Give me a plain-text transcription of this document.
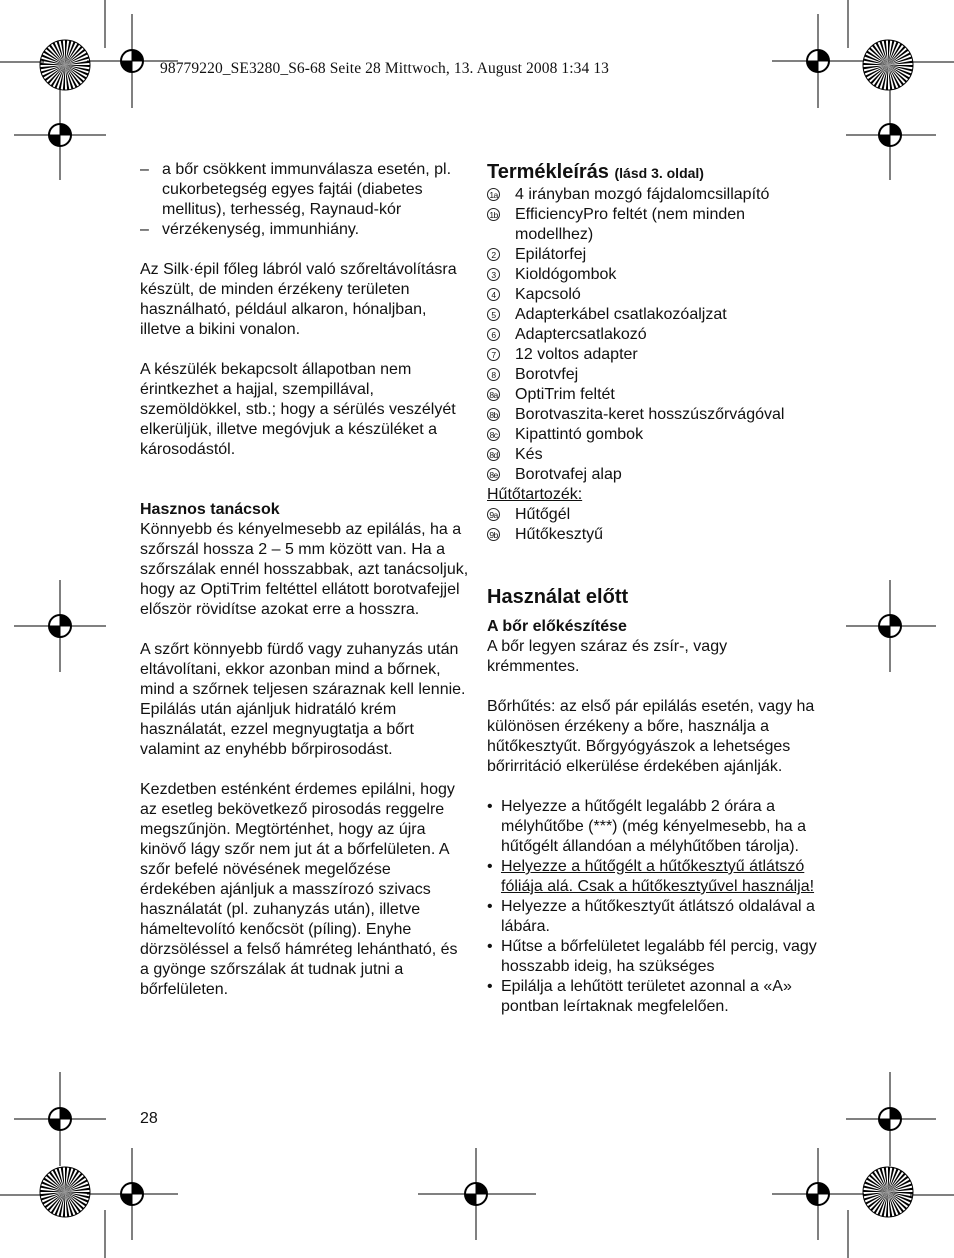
98779220_SE3280_S6-68 Seite 28 Mittwoch, 13. August 2008 1:34 13
– a bőr csökkent immunválasza esetén, pl. cukorbetegség egyes fajtái (diabetes mellitus), terhesség, Raynaud-kór
– vérzékenység, immunhiány.

Az Silk·épil főleg lábról való szőreltávolításra készült, de minden érzékeny területen használható, például alkaron, hónaljban, illetve a bikini vonalon.

A készülék bekapcsolt állapotban nem érintkezhet a hajjal, szempillával, szemöldökkel, stb.; hogy a sérülés veszélyét elkerüljük, illetve megóvjuk a készüléket a károsodástól.

Hasznos tanácsok

Könnyebb és kényelmesebb az epilálás, ha a szőrszál hossza 2 – 5 mm között van. Ha a szőrszálak ennél hosszabbak, azt tanácsoljuk, hogy az OptiTrim feltéttel ellátott borotvafejjel először rövidítse azokat erre a hosszra.

A szőrt könnyebb fürdő vagy zuhanyzás után eltávolítani, ekkor azonban mind a bőrnek, mind a szőrnek teljesen száraznak kell lennie.

Epilálás után ajánljuk hidratáló krém használatát, ezzel megnyugtatja a bőrt valamint az enyhébb bőrpirosodást.

Kezdetben esténként érdemes epilálni, hogy az esetleg bekövetkező pirosodás reggelre megszűnjön. Megtörténhet, hogy az újra kinövő lágy szőr nem jut át a bőrfelületen. A szőr befelé növésének megelőzése érdekében ajánljuk a masszírozó szivacs használatát (pl. zuhanyzás után), illetve hámeltevolító kenőcsöt (píling). Enyhe dörzsöléssel a felső hámréteg lehántható, és a gyönge szőrszálak át tudnak jutni a bőrfelületen.

Termékleírás (lásd 3. oldal)
1a 4 irányban mozgó fájdalomcsillapító
1b EfficiencyPro feltét (nem minden modellhez)
2 Epilátorfej
3 Kioldógombok
4 Kapcsoló
5 Adapterkábel csatlakozóaljzat
6 Adaptercsatlakozó
7 12 voltos adapter
8 Borotvfej
8a OptiTrim feltét
8b Borotvaszita-keret hosszúszőrvágóval
8c Kipattintó gombok
8d Kés
8e Borotvafej alap

Hűtőtartozék:

9a Hűtőgél
9b Hűtőkesztyű
Használat előtt

A bőr előkészítése

A bőr legyen száraz és zsír-, vagy krémmentes.

Bőrhűtés: az első pár epilálás esetén, vagy ha különösen érzékeny a bőre, használja a hűtőkesztyűt. Bőrgyógyászok a lehetséges bőrirritáció elkerülése érdekében ajánlják.

• Helyezze a hűtőgélt legalább 2 órára a mélyhűtőbe (***) (még kényelmesebb, ha a hűtőgélt állandóan a mélyhűtőben tárolja).
• Helyezze a hűtőgélt a hűtőkesztyű átlátszó fóliája alá. Csak a hűtőkesztyűvel használja!
• Helyezze a hűtőkesztyűt átlátszó oldalával a lábára.
• Hűtse a bőrfelületet legalább fél percig, vagy hosszabb ideig, ha szükséges
• Epilálja a lehűtött területet azonnal a «A» pontban leírtaknak megfelelően.
28
